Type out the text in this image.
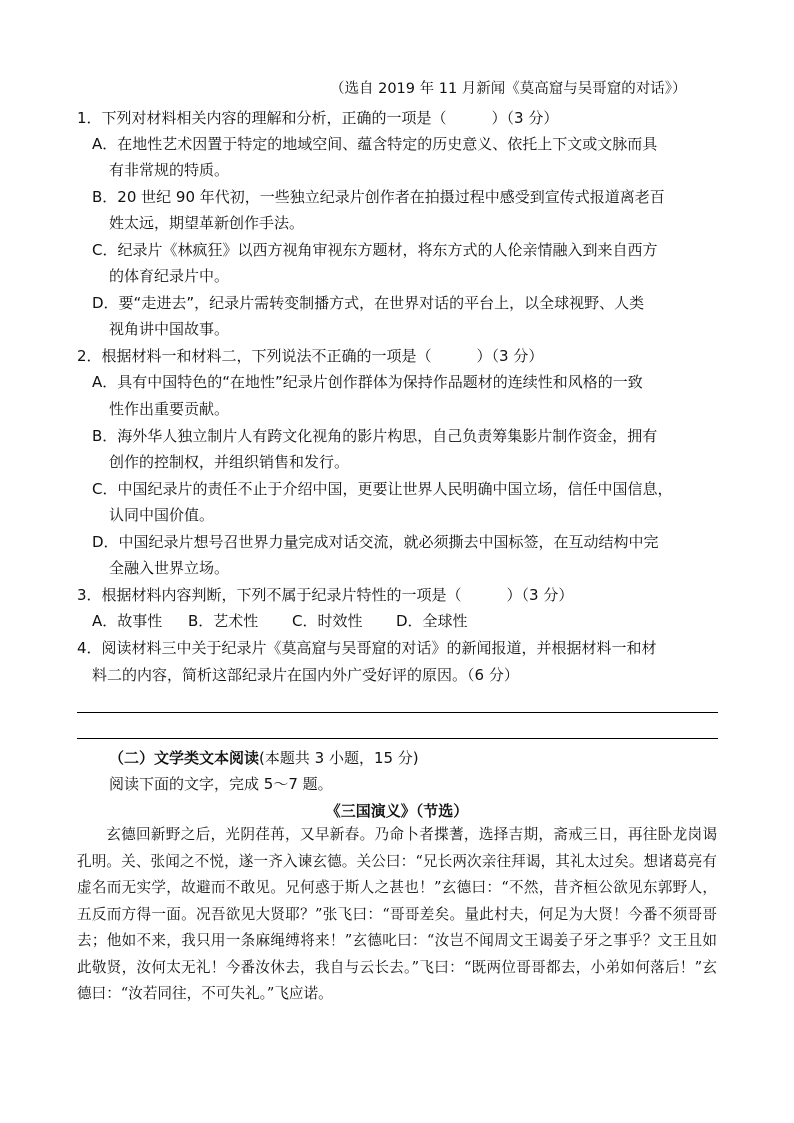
（选自 2019 年 11 月新闻《莫高窟与吴哥窟的对话》）
1．下列对材料相关内容的理解和分析，正确的一项是（　　　）（3 分）
A．在地性艺术因置于特定的地域空间、蕴含特定的历史意义、依托上下文或文脉而具
有非常规的特质。
B．20 世纪 90 年代初，一些独立纪录片创作者在拍摄过程中感受到宣传式报道离老百
姓太远，期望革新创作手法。
C．纪录片《林疯狂》以西方视角审视东方题材，将东方式的人伦亲情融入到来自西方
的体育纪录片中。
D．要“走进去”，纪录片需转变制播方式，在世界对话的平台上，以全球视野、人类
视角讲中国故事。
2．根据材料一和材料二，下列说法不正确的一项是（　　　）（3 分）
A．具有中国特色的“在地性”纪录片创作群体为保持作品题材的连续性和风格的一致
性作出重要贡献。
B．海外华人独立制片人有跨文化视角的影片构思，自己负责筹集影片制作资金，拥有
创作的控制权，并组织销售和发行。
C．中国纪录片的责任不止于介绍中国，更要让世界人民明确中国立场，信任中国信息，
认同中国价值。
D．中国纪录片想号召世界力量完成对话交流，就必须撕去中国标签，在互动结构中完
全融入世界立场。
3．根据材料内容判断，下列不属于纪录片特性的一项是（　　　）（3 分）
A．故事性 B．艺术性 C．时效性 D．全球性
4．阅读材料三中关于纪录片《莫高窟与吴哥窟的对话》的新闻报道，并根据材料一和材
料二的内容，简析这部纪录片在国内外广受好评的原因。（6 分）
（二）文学类文本阅读(本题共 3 小题，15 分)
阅读下面的文字，完成 5～7 题。
《三国演义》（节选）
玄德回新野之后，光阴荏苒，又早新春。乃命卜者揲蓍，选择吉期，斋戒三日，再往卧龙岗谒孔明。关、张闻之不悦，遂一齐入谏玄德。关公曰：“兄长两次亲往拜谒，其礼太过矣。想诸葛亮有虚名而无实学，故避而不敢见。兄何惑于斯人之甚也！”玄德曰：“不然，昔齐桓公欲见东郭野人，五反而方得一面。况吾欲见大贤耶？”张飞曰：“哥哥差矣。量此村夫，何足为大贤！今番不须哥哥去；他如不来，我只用一条麻绳缚将来！”玄德叱曰：“汝岂不闻周文王谒姜子牙之事乎？文王且如此敬贤，汝何太无礼！今番汝休去，我自与云长去。”飞曰：“既两位哥哥都去，小弟如何落后！”玄德曰：“汝若同往，不可失礼。”飞应诺。
